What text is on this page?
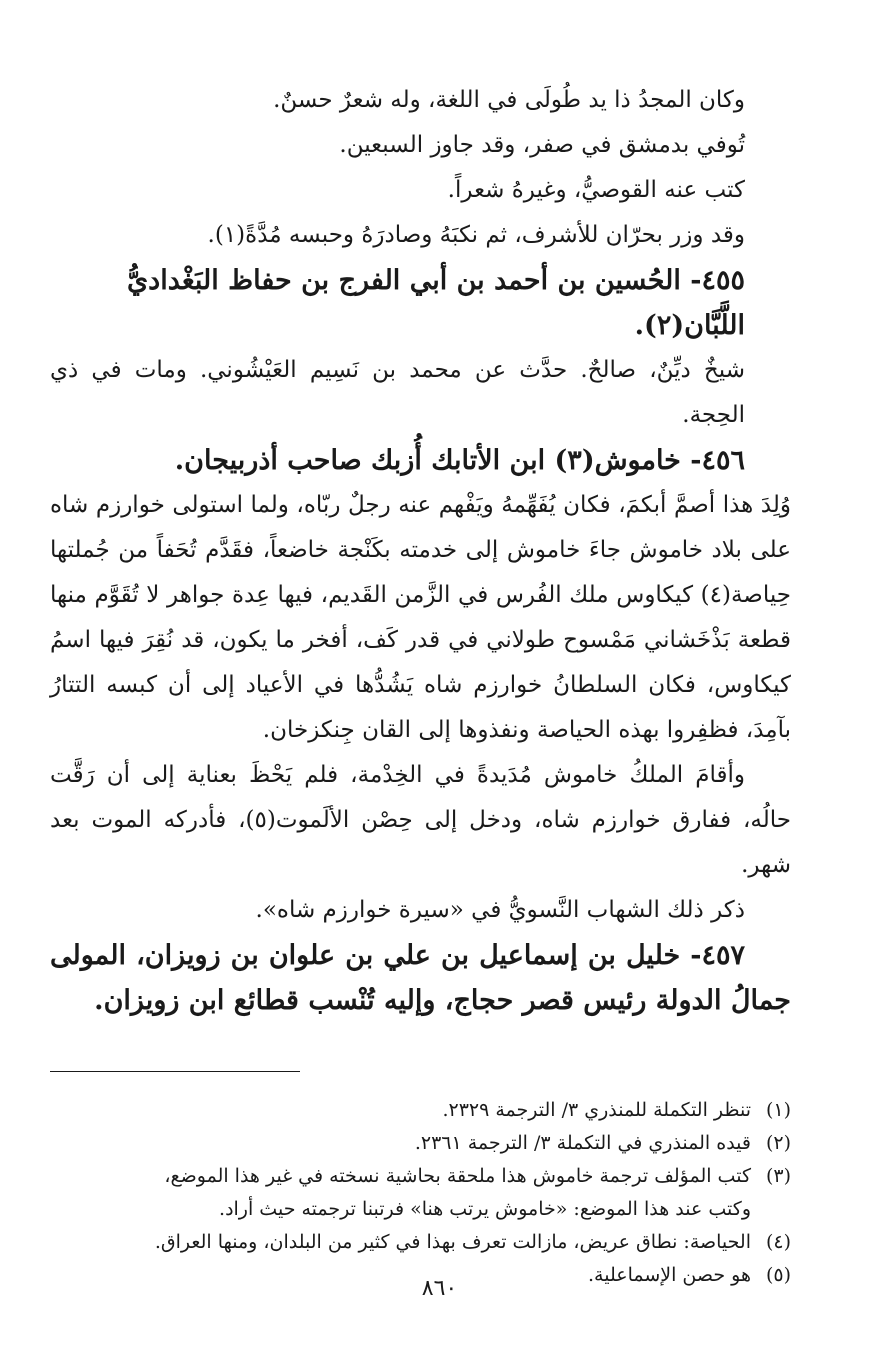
وكان المجدُ ذا يد طُولَى في اللغة، وله شعرٌ حسنٌ.
تُوفي بدمشق في صفر، وقد جاوز السبعين.
كتب عنه القوصيُّ، وغيرهُ شعراً.
وقد وزر بحرّان للأشرف، ثم نكبَهُ وصادرَهُ وحبسه مُدَّةً(١).
٤٥٥- الحُسين بن أحمد بن أبي الفرج بن حفاظ البَغْداديُّ اللَّبَّان(٢).
شيخٌ ديِّنٌ، صالحٌ. حدَّث عن محمد بن نَسِيم العَيْشُوني. ومات في ذي الحِجة.
٤٥٦- خاموش(٣) ابن الأتابك أُزبك صاحب أذربيجان.
وُلِدَ هذا أصمَّ أبكمَ، فكان يُفَهِّمهُ ويَفْهم عنه رجلٌ ربّاه، ولما استولى خوارزم شاه على بلاد خاموش جاءَ خاموش إلى خدمته بكَنْجة خاضعاً، فقَدَّم تُحَفاً من جُملتها حِياصة(٤) كيكاوس ملك الفُرس في الزَّمن القَديم، فيها عِدة جواهر لا تُقَوَّم منها قطعة بَذْخَشاني مَمْسوح طولاني في قدر كَف، أفخر ما يكون، قد نُقِرَ فيها اسمُ كيكاوس، فكان السلطانُ خوارزم شاه يَشُدُّها في الأعياد إلى أن كبسه التتارُ بآمِدَ، فظفِروا بهذه الحياصة ونفذوها إلى القان جِنكزخان.
وأقامَ الملكُ خاموش مُدَيدةً في الخِدْمة، فلم يَحْظَ بعناية إلى أن رَقَّت حالُه، ففارق خوارزم شاه، ودخل إلى حِصْن الألَموت(٥)، فأدركه الموت بعد شهر.
ذكر ذلك الشهاب النَّسويُّ في «سيرة خوارزم شاه».
٤٥٧- خليل بن إسماعيل بن علي بن علوان بن زويزان، المولى جمالُ الدولة رئيس قصر حجاج، وإليه تُنْسب قطائع ابن زويزان.
(١)
تنظر التكملة للمنذري ٣/ الترجمة ٢٣٢٩.
(٢)
قيده المنذري في التكملة ٣/ الترجمة ٢٣٦١.
(٣)
كتب المؤلف ترجمة خاموش هذا ملحقة بحاشية نسخته في غير هذا الموضع،
وكتب عند هذا الموضع: «خاموش يرتب هنا» فرتبنا ترجمته حيث أراد.
(٤)
الحياصة: نطاق عريض، مازالت تعرف بهذا في كثير من البلدان، ومنها العراق.
(٥)
هو حصن الإسماعلية.
٨٦٠
